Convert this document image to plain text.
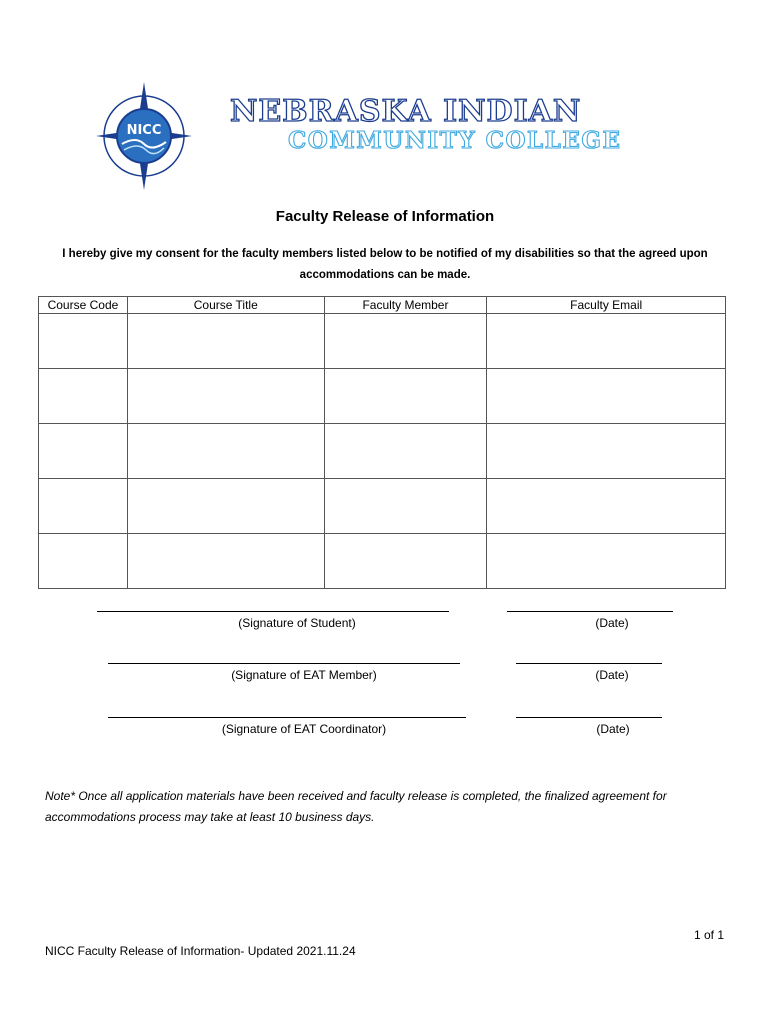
NICC
NEBRASKA INDIAN
COMMUNITY COLLEGE
Faculty Release of Information
I hereby give my consent for the faculty members listed below to be notified of my disabilities so that the agreed upon accommodations can be made.
Course Code	Course Title	Faculty Member	Faculty Email

(Signature of Student)	(Date)
(Signature of EAT Member)	(Date)
(Signature of EAT Coordinator)	(Date)
Note* Once all application materials have been received and faculty release is completed, the finalized agreement for accommodations process may take at least 10 business days.
1 of 1
NICC Faculty Release of Information- Updated 2021.11.24
